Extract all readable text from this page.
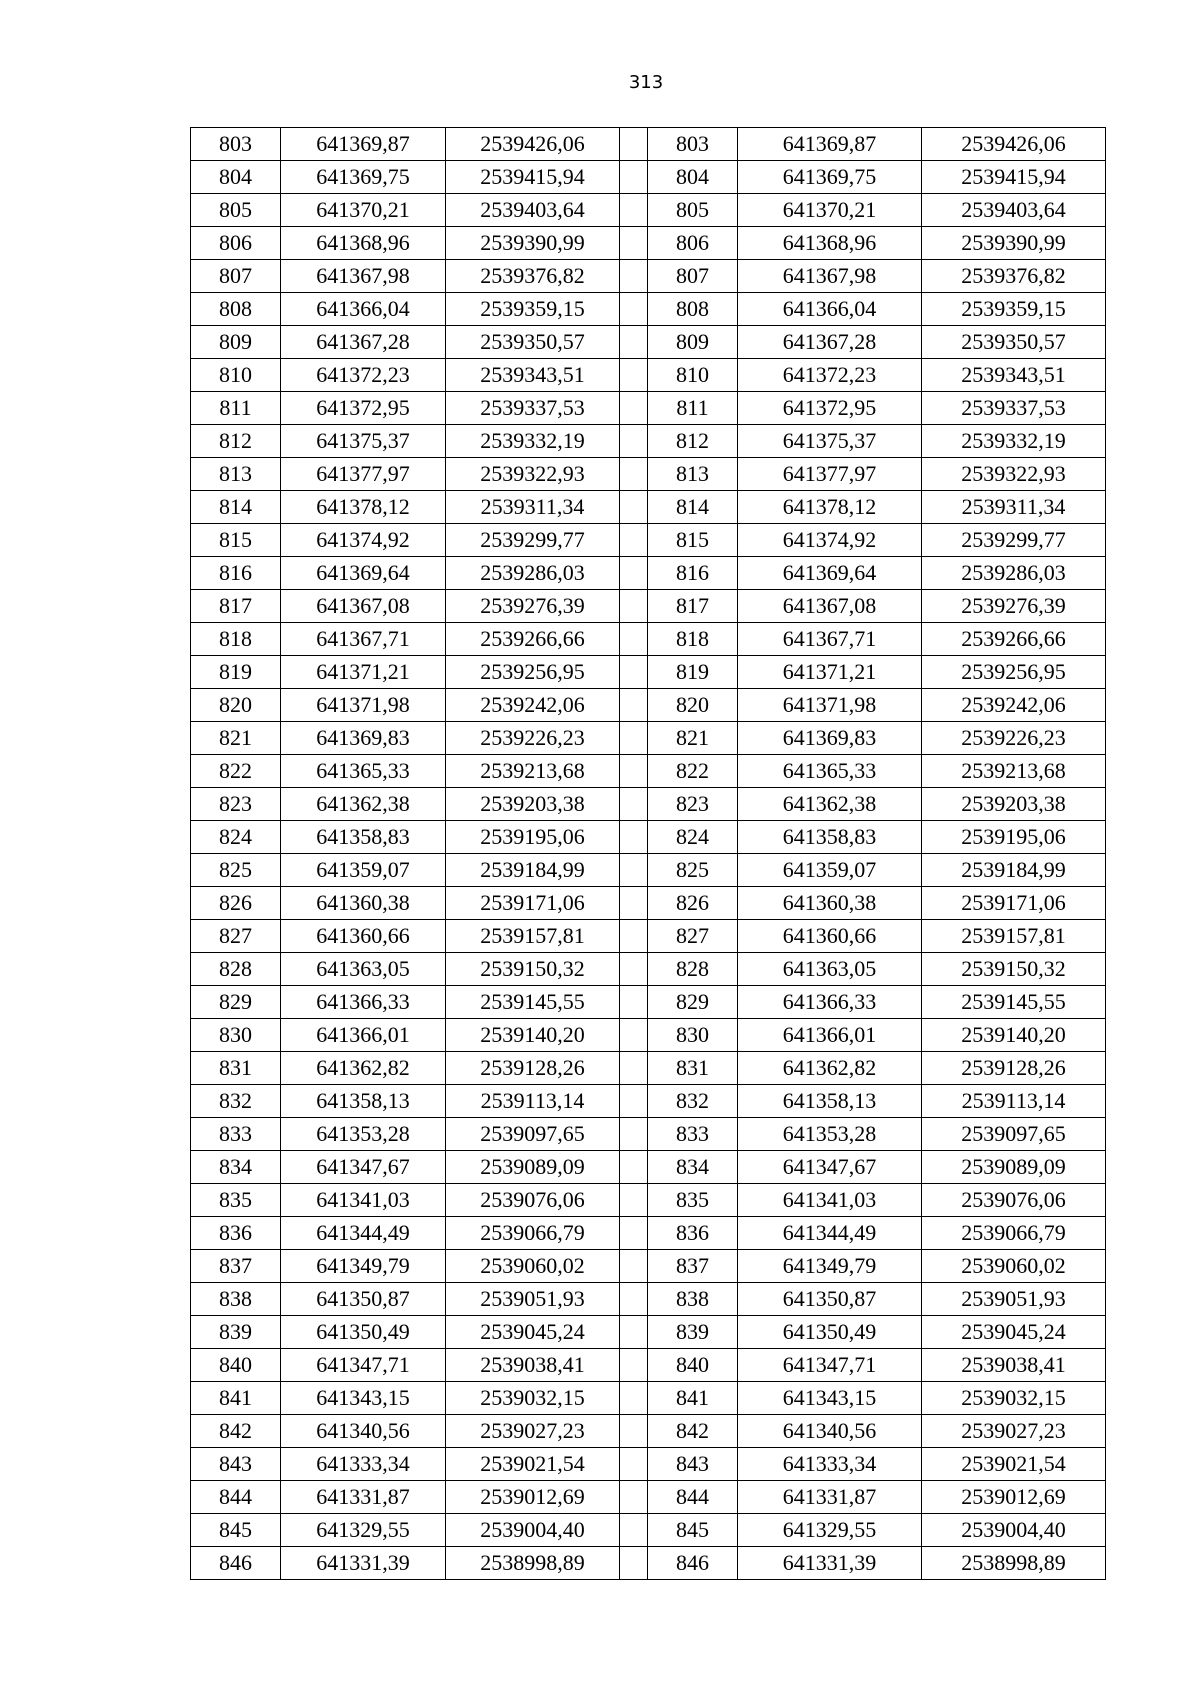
313
803	641369,87	2539426,06		803	641369,87	2539426,06
804	641369,75	2539415,94		804	641369,75	2539415,94
805	641370,21	2539403,64		805	641370,21	2539403,64
806	641368,96	2539390,99		806	641368,96	2539390,99
807	641367,98	2539376,82		807	641367,98	2539376,82
808	641366,04	2539359,15		808	641366,04	2539359,15
809	641367,28	2539350,57		809	641367,28	2539350,57
810	641372,23	2539343,51		810	641372,23	2539343,51
811	641372,95	2539337,53		811	641372,95	2539337,53
812	641375,37	2539332,19		812	641375,37	2539332,19
813	641377,97	2539322,93		813	641377,97	2539322,93
814	641378,12	2539311,34		814	641378,12	2539311,34
815	641374,92	2539299,77		815	641374,92	2539299,77
816	641369,64	2539286,03		816	641369,64	2539286,03
817	641367,08	2539276,39		817	641367,08	2539276,39
818	641367,71	2539266,66		818	641367,71	2539266,66
819	641371,21	2539256,95		819	641371,21	2539256,95
820	641371,98	2539242,06		820	641371,98	2539242,06
821	641369,83	2539226,23		821	641369,83	2539226,23
822	641365,33	2539213,68		822	641365,33	2539213,68
823	641362,38	2539203,38		823	641362,38	2539203,38
824	641358,83	2539195,06		824	641358,83	2539195,06
825	641359,07	2539184,99		825	641359,07	2539184,99
826	641360,38	2539171,06		826	641360,38	2539171,06
827	641360,66	2539157,81		827	641360,66	2539157,81
828	641363,05	2539150,32		828	641363,05	2539150,32
829	641366,33	2539145,55		829	641366,33	2539145,55
830	641366,01	2539140,20		830	641366,01	2539140,20
831	641362,82	2539128,26		831	641362,82	2539128,26
832	641358,13	2539113,14		832	641358,13	2539113,14
833	641353,28	2539097,65		833	641353,28	2539097,65
834	641347,67	2539089,09		834	641347,67	2539089,09
835	641341,03	2539076,06		835	641341,03	2539076,06
836	641344,49	2539066,79		836	641344,49	2539066,79
837	641349,79	2539060,02		837	641349,79	2539060,02
838	641350,87	2539051,93		838	641350,87	2539051,93
839	641350,49	2539045,24		839	641350,49	2539045,24
840	641347,71	2539038,41		840	641347,71	2539038,41
841	641343,15	2539032,15		841	641343,15	2539032,15
842	641340,56	2539027,23		842	641340,56	2539027,23
843	641333,34	2539021,54		843	641333,34	2539021,54
844	641331,87	2539012,69		844	641331,87	2539012,69
845	641329,55	2539004,40		845	641329,55	2539004,40
846	641331,39	2538998,89		846	641331,39	2538998,89
